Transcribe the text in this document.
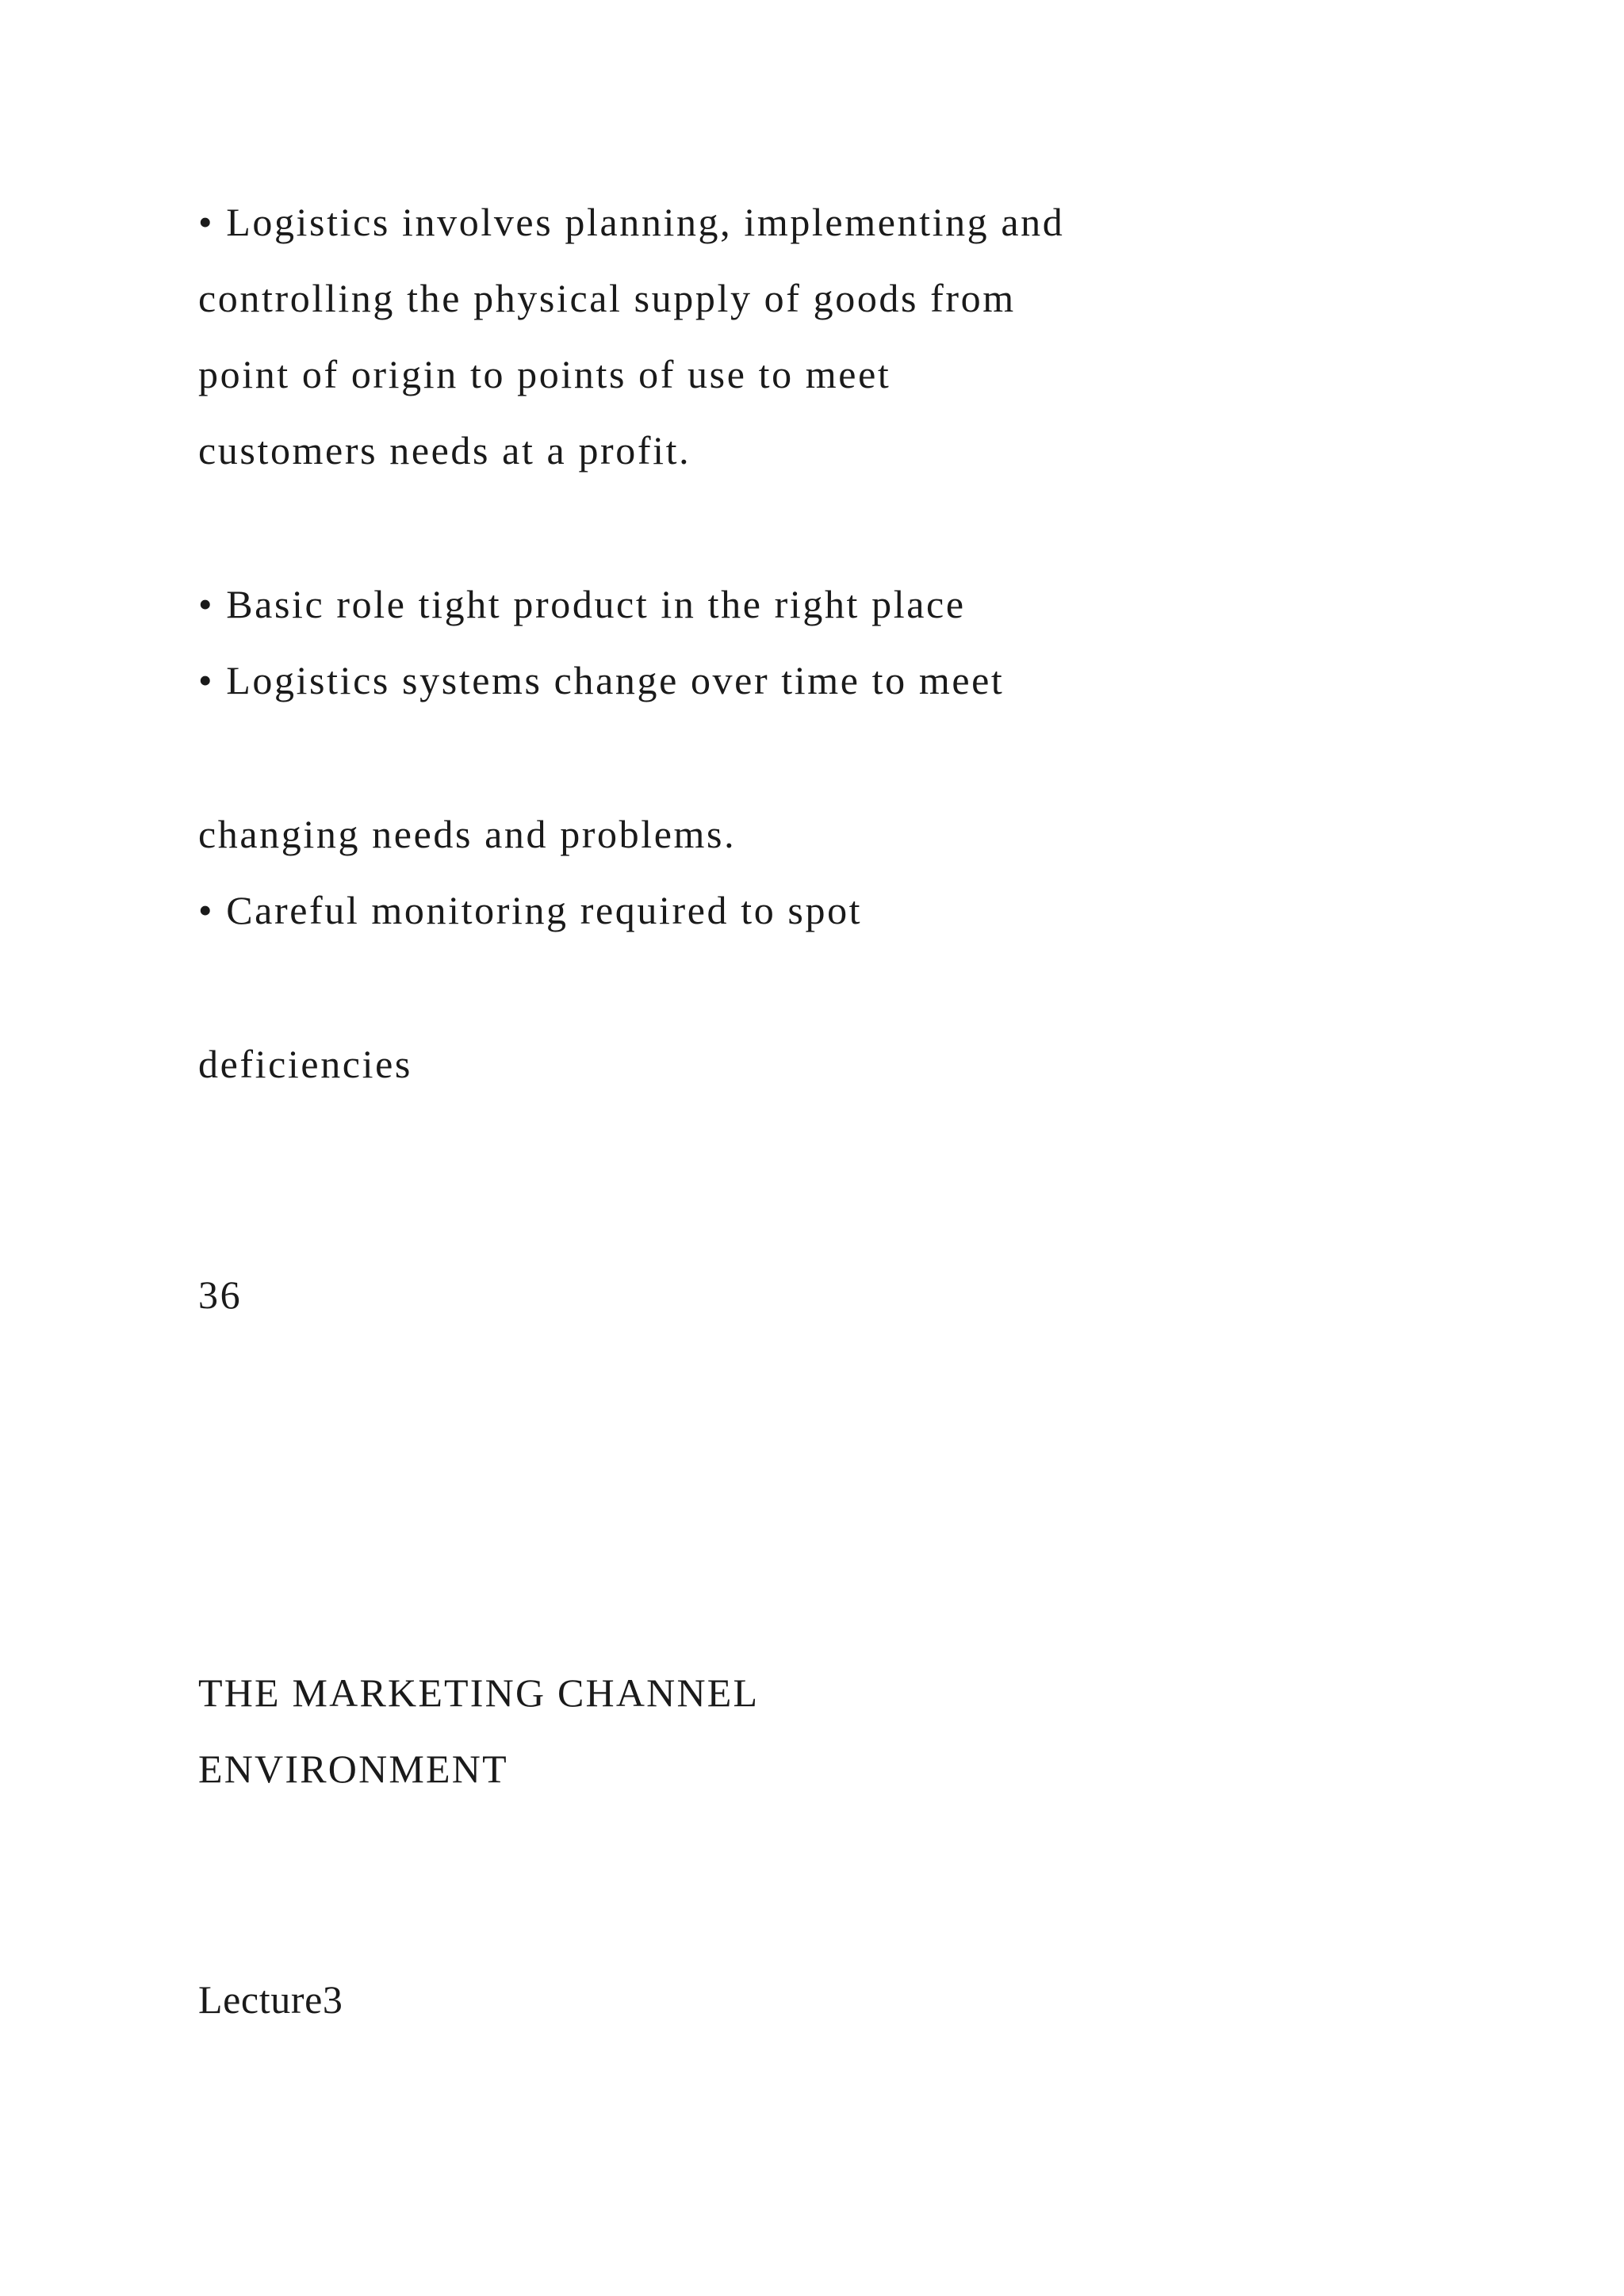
• Logistics involves planning, implementing and
controlling the physical supply of goods from
point of origin to points of use to meet
customers needs at a profit.
• Basic role tight product in the right place
• Logistics systems change over time to meet
changing needs and problems.
• Careful monitoring required to spot
deficiencies
36
THE MARKETING CHANNEL
ENVIRONMENT
Lecture3
